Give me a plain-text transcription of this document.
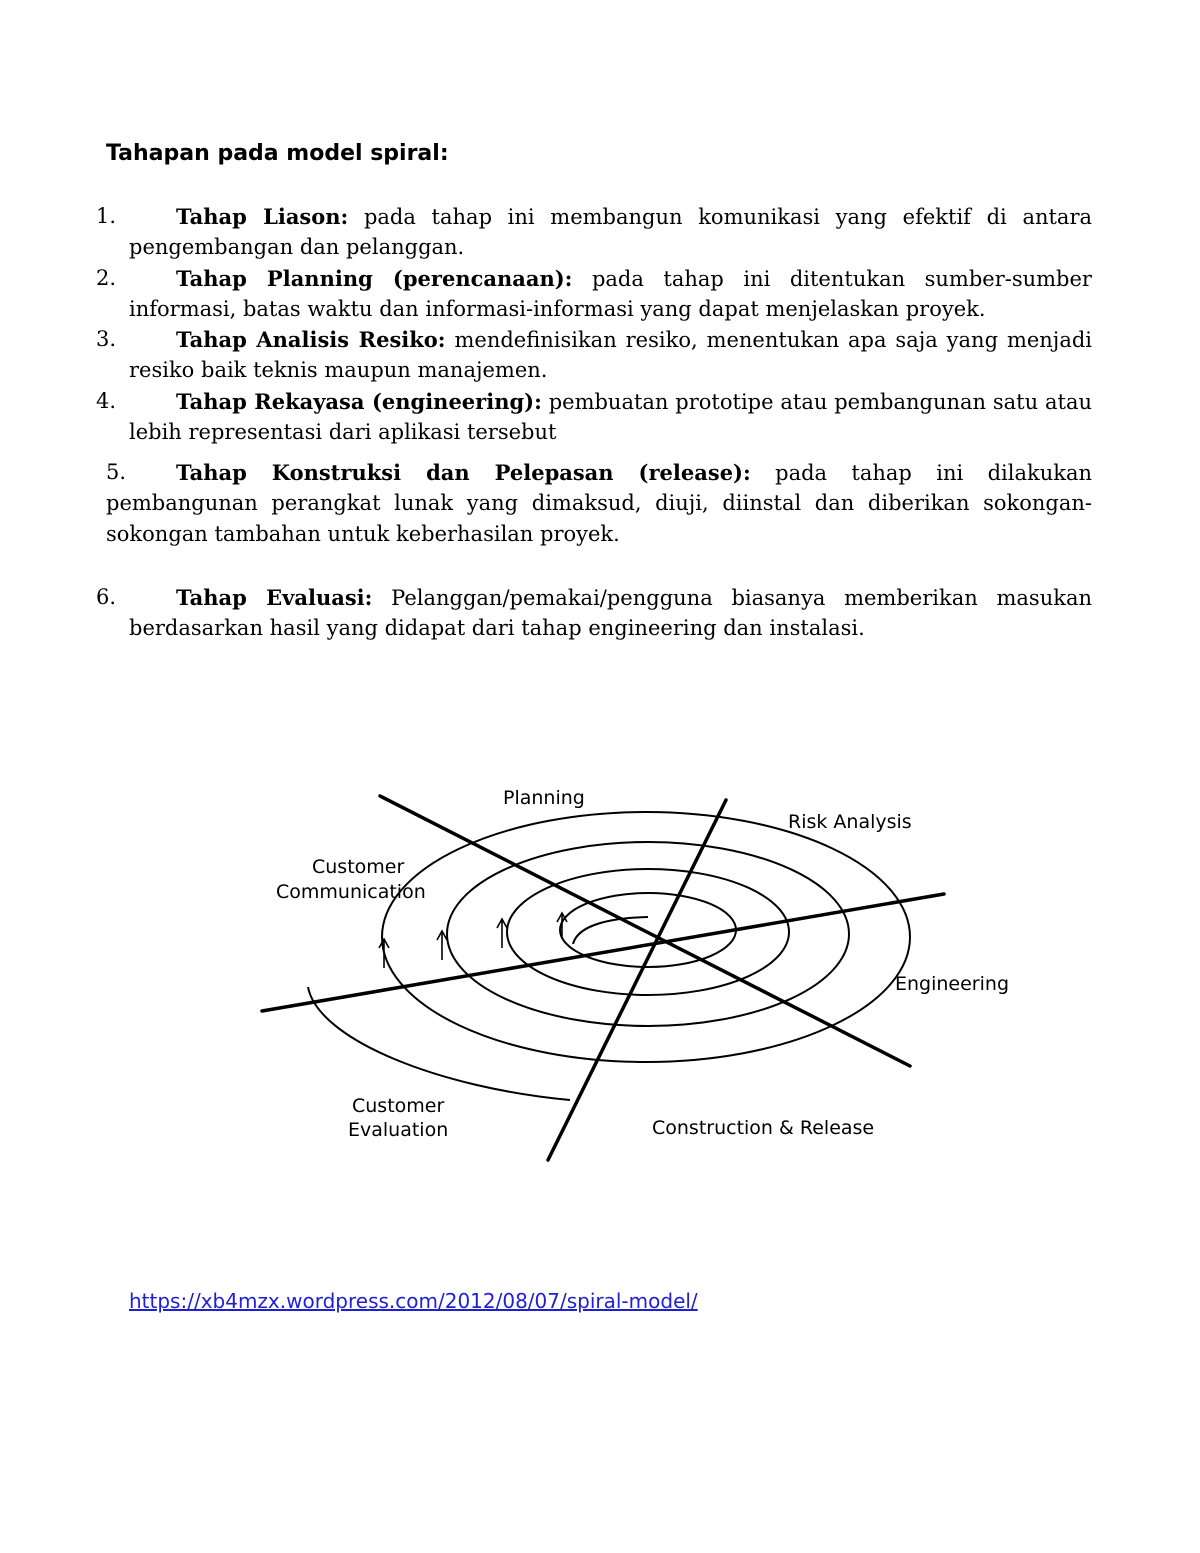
Tahapan pada model spiral:
1.	Tahap Liason: pada tahap ini membangun komunikasi yang efektif di antara
pengembangan dan pelanggan.
2.	Tahap Planning (perencanaan): pada tahap ini ditentukan sumber-sumber
informasi, batas waktu dan informasi-informasi yang dapat menjelaskan proyek.
3.	Tahap Analisis Resiko: mendefinisikan resiko, menentukan apa saja yang menjadi
resiko baik teknis maupun manajemen.
4.	Tahap Rekayasa (engineering): pembuatan prototipe atau pembangunan satu atau
lebih representasi dari aplikasi tersebut
5.	Tahap Konstruksi dan Pelepasan (release): pada tahap ini dilakukan
pembangunan perangkat lunak yang dimaksud, diuji, diinstal dan diberikan sokongan-
sokongan tambahan untuk keberhasilan proyek.
6.	Tahap Evaluasi: Pelanggan/pemakai/pengguna biasanya memberikan masukan
berdasarkan hasil yang didapat dari tahap engineering dan instalasi.
Planning
Risk Analysis
Customer
Communication
Engineering
Customer
Evaluation	Construction & Release
https://xb4mzx.wordpress.com/2012/08/07/spiral-model/
